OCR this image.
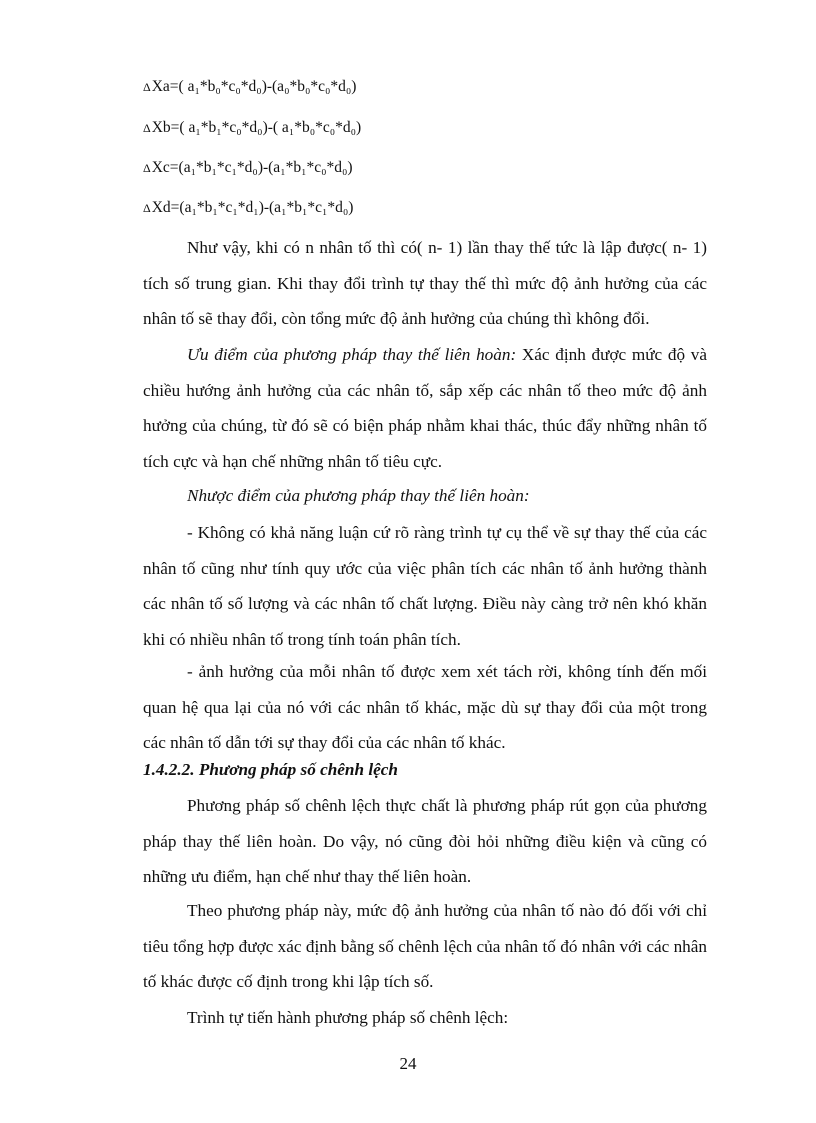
ΔXa=( a₁*b₀*c₀*d₀)-(a₀*b₀*c₀*d₀)
ΔXb=( a₁*b₁*c₀*d₀)-( a₁*b₀*c₀*d₀)
ΔXc=(a₁*b₁*c₁*d₀)-(a₁*b₁*c₀*d₀)
ΔXd=(a₁*b₁*c₁*d₁)-(a₁*b₁*c₁*d₀)

Như vậy, khi có n nhân tố thì có( n- 1) lần thay thế tức là lập được( n- 1) tích số trung gian. Khi thay đổi trình tự thay thế thì mức độ ảnh hưởng của các nhân tố sẽ thay đổi, còn tổng mức độ ảnh hưởng của chúng thì không đổi.

Ưu điểm của phương pháp thay thế liên hoàn: Xác định được mức độ và chiều hướng ảnh hưởng của các nhân tố, sắp xếp các nhân tố theo mức độ ảnh hưởng của chúng, từ đó sẽ có biện pháp nhằm khai thác, thúc đẩy những nhân tố tích cực và hạn chế những nhân tố tiêu cực.

Nhược điểm của phương pháp thay thế liên hoàn:

- Không có khả năng luận cứ rõ ràng trình tự cụ thể về sự thay thế của các nhân tố cũng như tính quy ước của việc phân tích các nhân tố ảnh hưởng thành các nhân tố số lượng và các nhân tố chất lượng. Điều này càng trở nên khó khăn khi có nhiều nhân tố trong tính toán phân tích.

- ảnh hưởng của mỗi nhân tố được xem xét tách rời, không tính đến mối quan hệ qua lại của nó với các nhân tố khác, mặc dù sự thay đổi của một trong các nhân tố dẫn tới sự thay đổi của các nhân tố khác.

1.4.2.2. Phương pháp số chênh lệch

Phương pháp số chênh lệch thực chất là phương pháp rút gọn của phương pháp thay thế liên hoàn. Do vậy, nó cũng đòi hỏi những điều kiện và cũng có những ưu điểm, hạn chế như thay thế liên hoàn.

Theo phương pháp này, mức độ ảnh hưởng của nhân tố nào đó đối với chỉ tiêu tổng hợp được xác định bằng số chênh lệch của nhân tố đó nhân với các nhân tố khác được cố định trong khi lập tích số.

Trình tự tiến hành phương pháp số chênh lệch:

24
